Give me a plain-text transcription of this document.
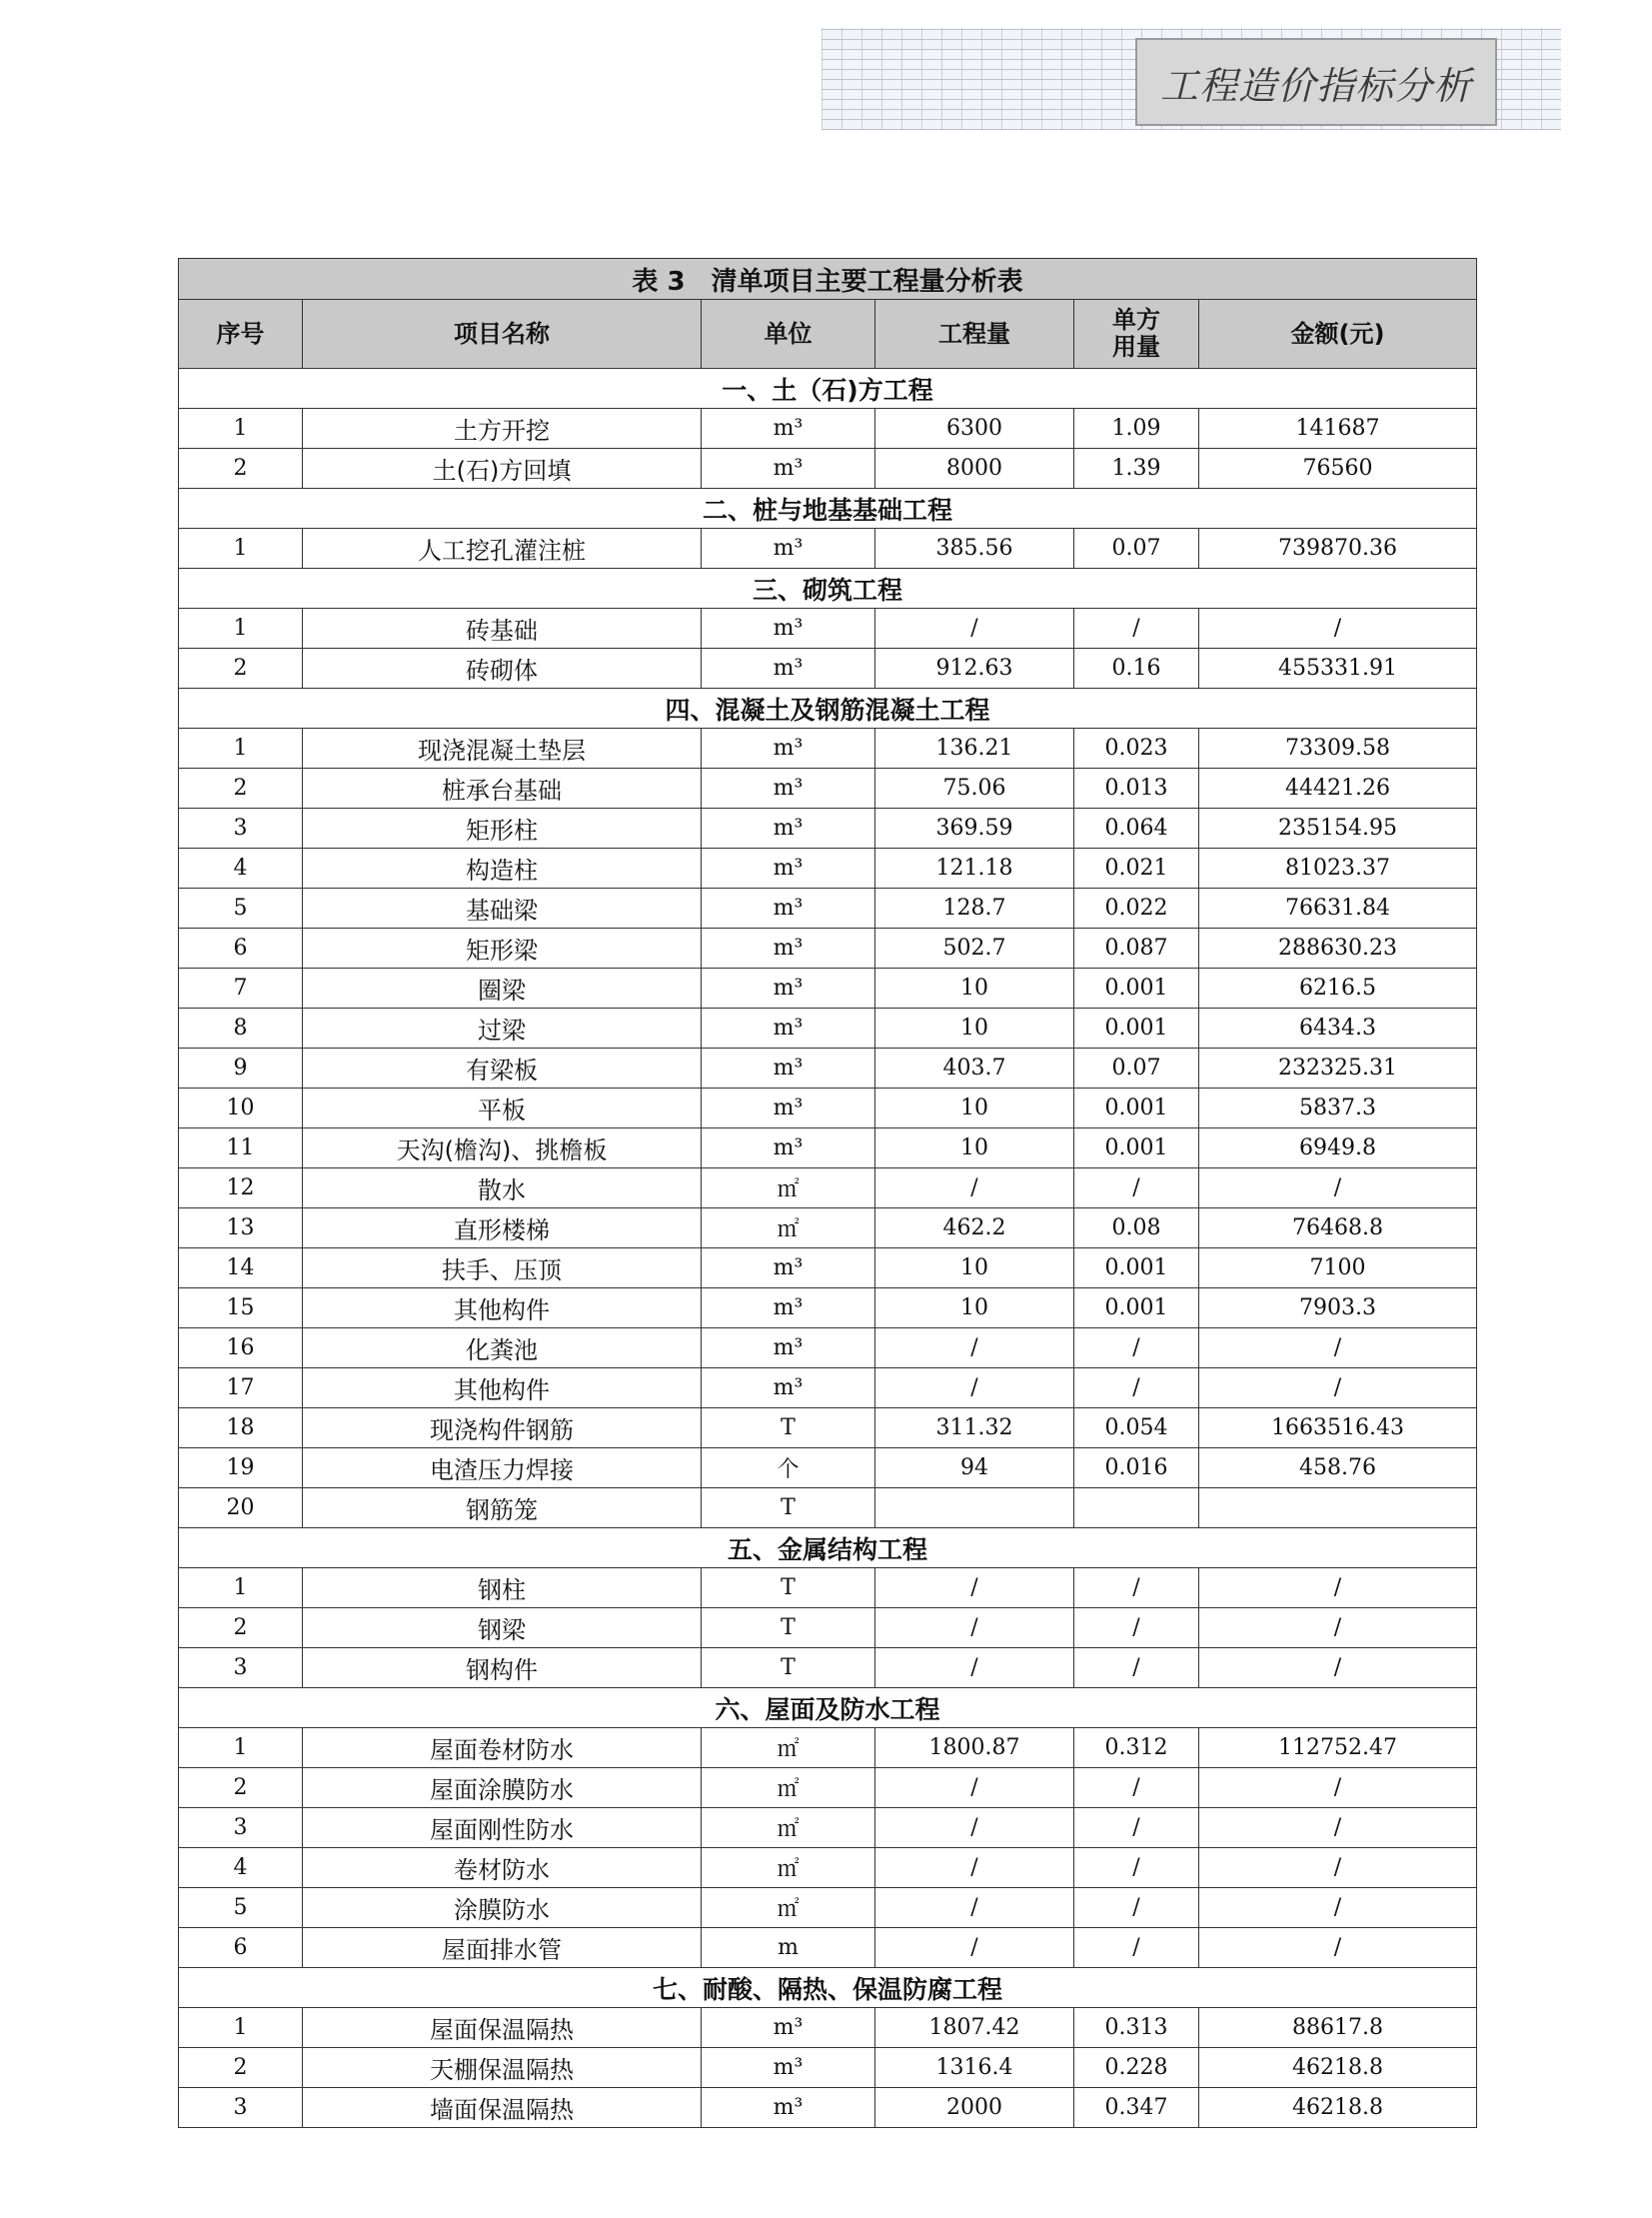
工程造价指标分析
表 3　清单项目主要工程量分析表					
序号	项目名称	单位	工程量	单方用量	金额(元)
一、土（石)方工程					
1	土方开挖	m³	6300	1.09	141687
2	土(石)方回填	m³	8000	1.39	76560
二、桩与地基基础工程					
1	人工挖孔灌注桩	m³	385.56	0.07	739870.36
三、砌筑工程					
1	砖基础	m³	/	/	/
2	砖砌体	m³	912.63	0.16	455331.91
四、混凝土及钢筋混凝土工程					
1	现浇混凝土垫层	m³	136.21	0.023	73309.58
2	桩承台基础	m³	75.06	0.013	44421.26
3	矩形柱	m³	369.59	0.064	235154.95
4	构造柱	m³	121.18	0.021	81023.37
5	基础梁	m³	128.7	0.022	76631.84
6	矩形梁	m³	502.7	0.087	288630.23
7	圈梁	m³	10	0.001	6216.5
8	过梁	m³	10	0.001	6434.3
9	有梁板	m³	403.7	0.07	232325.31
10	平板	m³	10	0.001	5837.3
11	天沟(檐沟)、挑檐板	m³	10	0.001	6949.8
12	散水	㎡	/	/	/
13	直形楼梯	㎡	462.2	0.08	76468.8
14	扶手、压顶	m³	10	0.001	7100
15	其他构件	m³	10	0.001	7903.3
16	化粪池	m³	/	/	/
17	其他构件	m³	/	/	/
18	现浇构件钢筋	T	311.32	0.054	1663516.43
19	电渣压力焊接	个	94	0.016	458.76
20	钢筋笼	T			
五、金属结构工程					
1	钢柱	T	/	/	/
2	钢梁	T	/	/	/
3	钢构件	T	/	/	/
六、屋面及防水工程					
1	屋面卷材防水	㎡	1800.87	0.312	112752.47
2	屋面涂膜防水	㎡	/	/	/
3	屋面刚性防水	㎡	/	/	/
4	卷材防水	㎡	/	/	/
5	涂膜防水	㎡	/	/	/
6	屋面排水管	m	/	/	/
七、耐酸、隔热、保温防腐工程					
1	屋面保温隔热	m³	1807.42	0.313	88617.8
2	天棚保温隔热	m³	1316.4	0.228	46218.8
3	墙面保温隔热	m³	2000	0.347	46218.8
